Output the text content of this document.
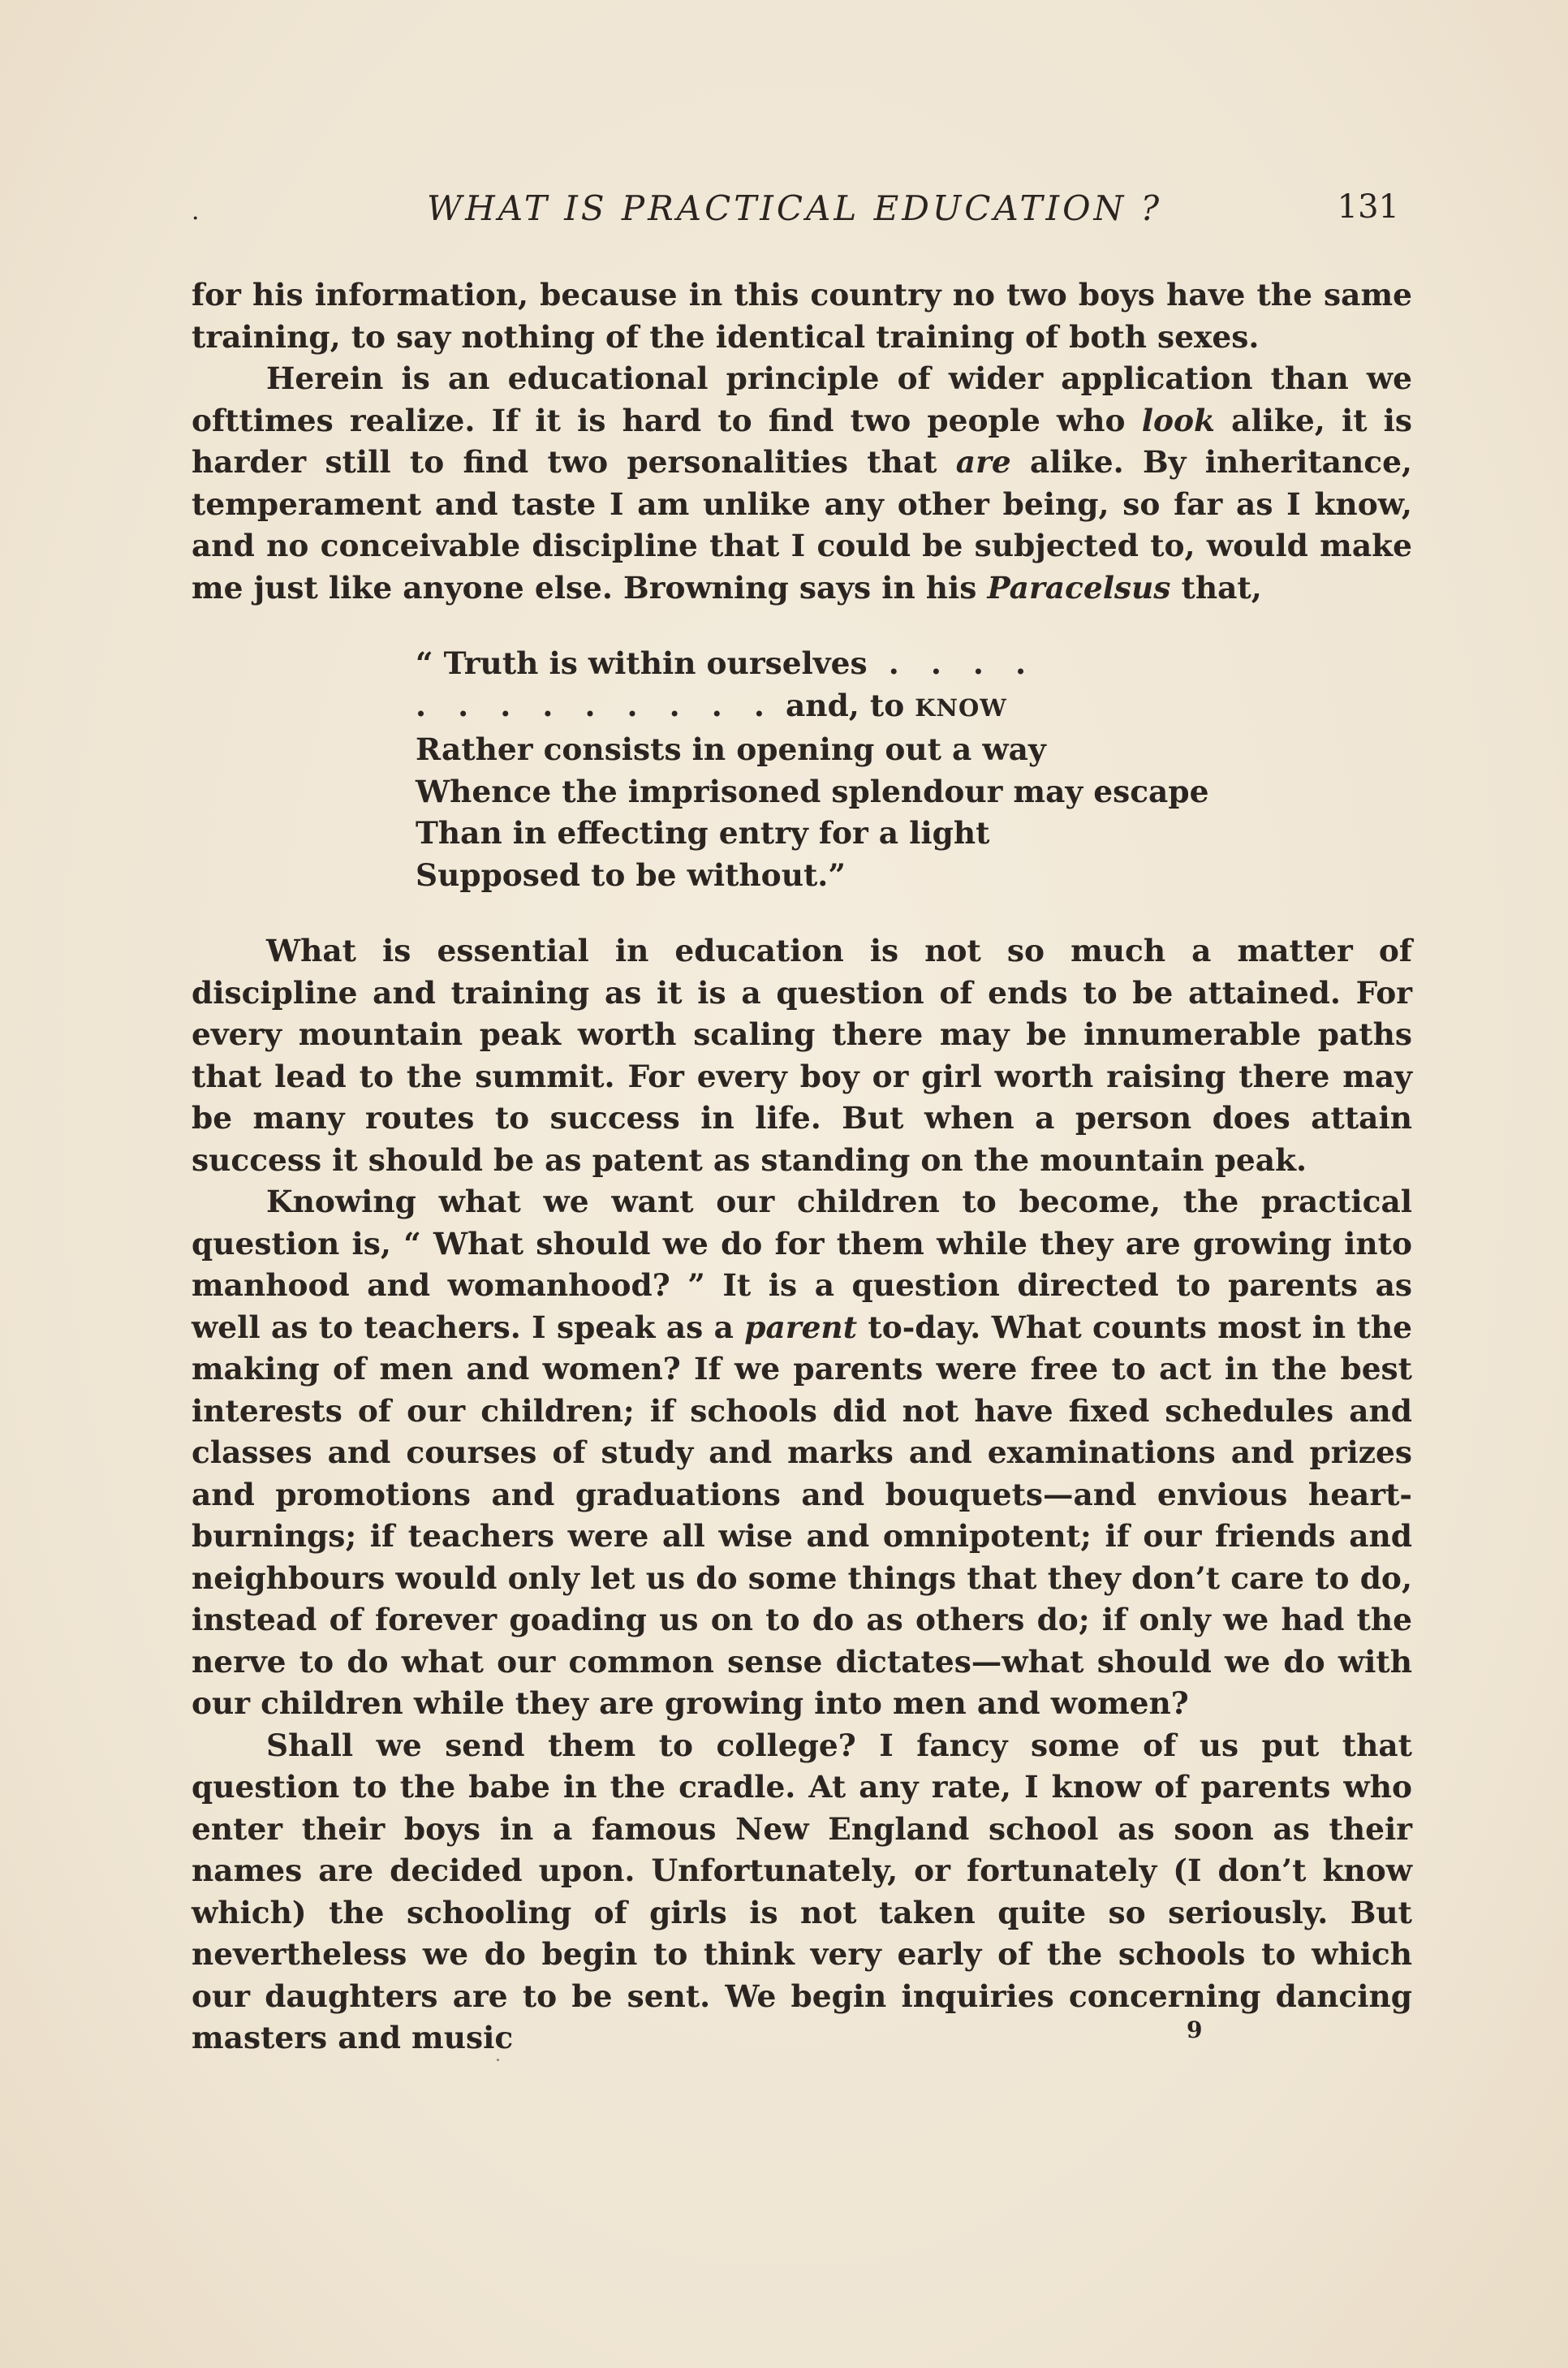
·	WHAT IS PRACTICAL EDUCATION ?	131

for his information, because in this country no two boys have the same training, to say nothing of the identical training of both sexes.

Herein is an educational principle of wider application than we ofttimes realize. If it is hard to find two people who look alike, it is harder still to find two personalities that are alike. By inheritance, temperament and taste I am unlike any other being, so far as I know, and no conceivable discipline that I could be subjected to, would make me just like anyone else. Browning says in his Paracelsus that,

“ Truth is within ourselves . . . .
. . . . . . . . . and, to KNOW
Rather consists in opening out a way
Whence the imprisoned splendour may escape
Than in effecting entry for a light
Supposed to be without.”

What is essential in education is not so much a matter of discipline and training as it is a question of ends to be attained. For every mountain peak worth scaling there may be innumerable paths that lead to the summit. For every boy or girl worth raising there may be many routes to success in life. But when a person does attain success it should be as patent as standing on the mountain peak.

Knowing what we want our children to become, the practical question is, “ What should we do for them while they are growing into manhood and womanhood? ” It is a question directed to parents as well as to teachers. I speak as a parent to-day. What counts most in the making of men and women? If we parents were free to act in the best interests of our children; if schools did not have fixed schedules and classes and courses of study and marks and examinations and prizes and promotions and graduations and bouquets—and envious heart-burnings; if teachers were all wise and omnipotent; if our friends and neighbours would only let us do some things that they don’t care to do, instead of forever goading us on to do as others do; if only we had the nerve to do what our common sense dictates—what should we do with our children while they are growing into men and women?

Shall we send them to college? I fancy some of us put that question to the babe in the cradle. At any rate, I know of parents who enter their boys in a famous New England school as soon as their names are decided upon. Unfortunately, or fortunately (I don’t know which) the schooling of girls is not taken quite so seriously. But nevertheless we do begin to think very early of the schools to which our daughters are to be sent. We begin inquiries concerning dancing masters and music	9
